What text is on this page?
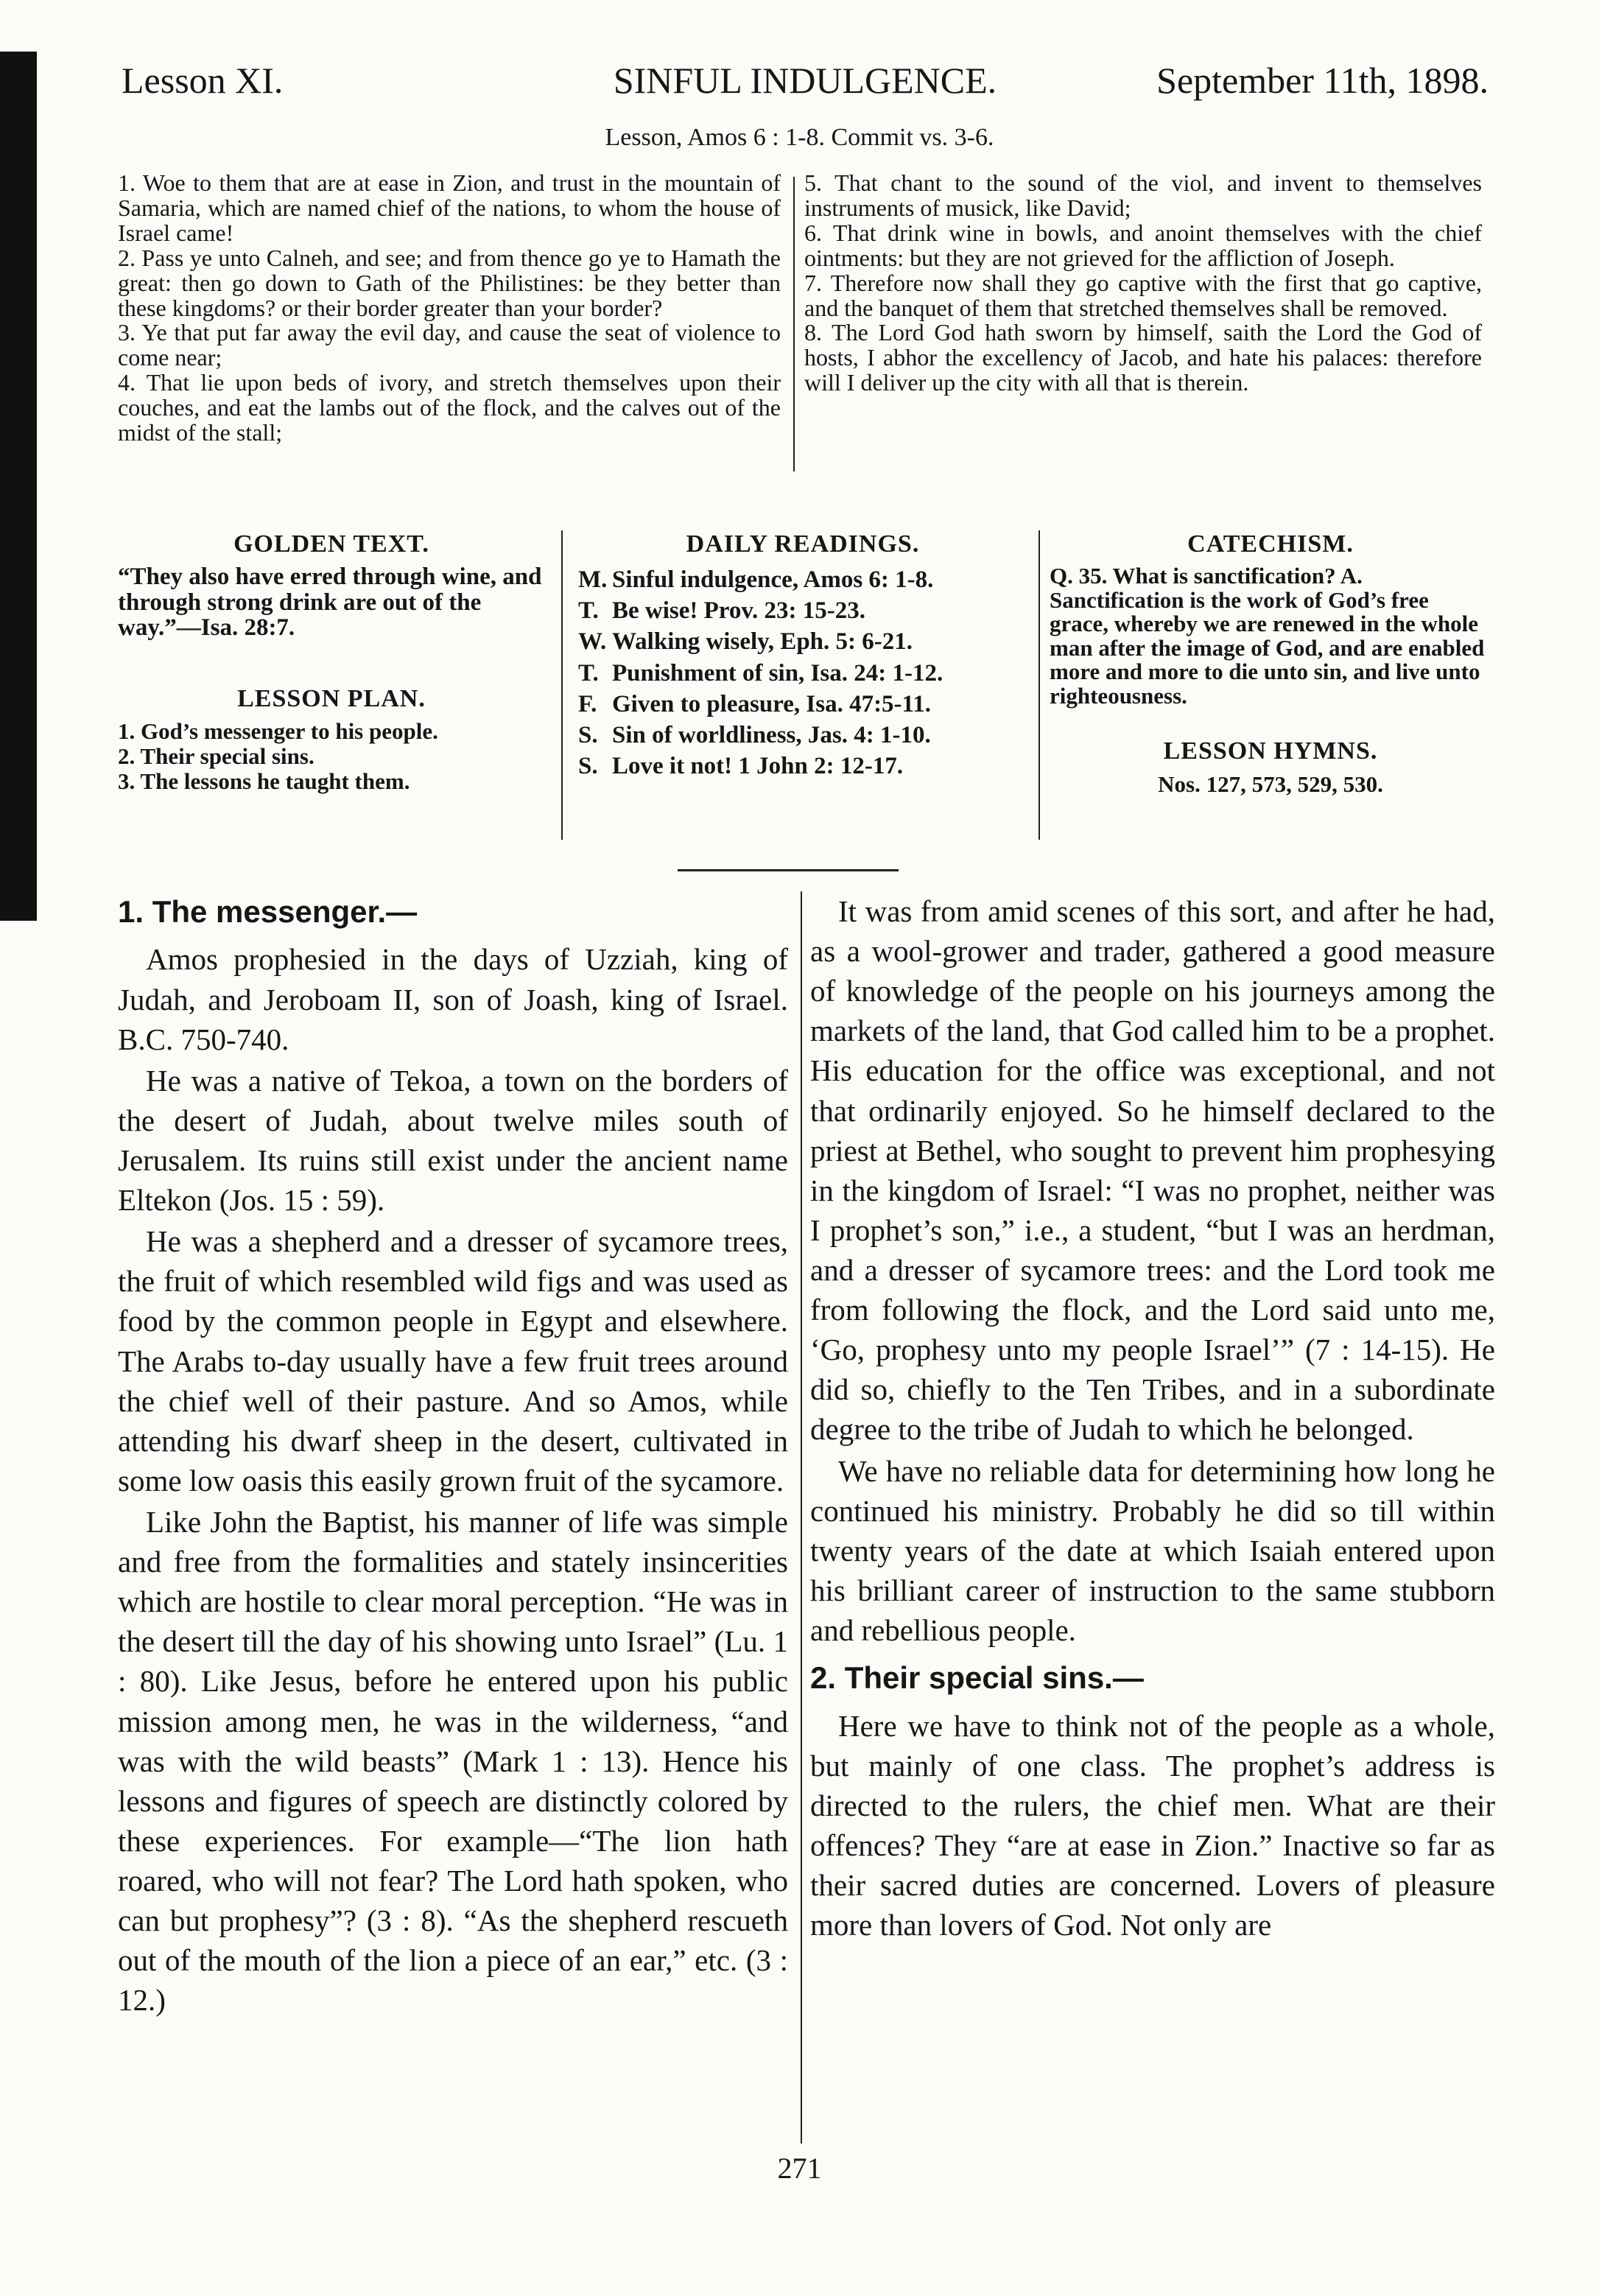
Lesson XI.	SINFUL INDULGENCE.	September 11th, 1898.
Lesson, Amos 6 : 1-8. Commit vs. 3-6.

1. Woe to them that are at ease in Zion, and trust in the mountain of Samaria, which are named chief of the nations, to whom the house of Israel came!

2. Pass ye unto Calneh, and see; and from thence go ye to Hamath the great: then go down to Gath of the Philistines: be they better than these kingdoms? or their border greater than your border?

3. Ye that put far away the evil day, and cause the seat of violence to come near;

4. That lie upon beds of ivory, and stretch themselves upon their couches, and eat the lambs out of the flock, and the calves out of the midst of the stall;

5. That chant to the sound of the viol, and invent to themselves instruments of musick, like David;

6. That drink wine in bowls, and anoint themselves with the chief ointments: but they are not grieved for the affliction of Joseph.

7. Therefore now shall they go captive with the first that go captive, and the banquet of them that stretched themselves shall be removed.

8. The Lord God hath sworn by himself, saith the Lord the God of hosts, I abhor the excellency of Jacob, and hate his palaces: therefore will I deliver up the city with all that is therein.

GOLDEN TEXT.

“They also have erred through wine, and through strong drink are out of the way.”—Isa. 28:7.

LESSON PLAN.
1. God’s messenger to his people.
2. Their special sins.
3. The lessons he taught them.
DAILY READINGS.
M. Sinful indulgence, Amos 6: 1-8.
T. Be wise! Prov. 23: 15-23.
W. Walking wisely, Eph. 5: 6-21.
T. Punishment of sin, Isa. 24: 1-12.
F. Given to pleasure, Isa. 47:5-11.
S. Sin of worldliness, Jas. 4: 1-10.
S. Love it not! 1 John 2: 12-17.
CATECHISM.

Q. 35. What is sanctification? A. Sanctification is the work of God’s free grace, whereby we are renewed in the whole man after the image of God, and are enabled more and more to die unto sin, and live unto righteousness.

LESSON HYMNS.
Nos. 127, 573, 529, 530.
1. The messenger.—

Amos prophesied in the days of Uzziah, king of Judah, and Jeroboam II, son of Joash, king of Israel. B.C. 750-740.

He was a native of Tekoa, a town on the borders of the desert of Judah, about twelve miles south of Jerusalem. Its ruins still exist under the ancient name Eltekon (Jos. 15 : 59).

He was a shepherd and a dresser of sycamore trees, the fruit of which resembled wild figs and was used as food by the common people in Egypt and elsewhere. The Arabs to-day usually have a few fruit trees around the chief well of their pasture. And so Amos, while attending his dwarf sheep in the desert, cultivated in some low oasis this easily grown fruit of the sycamore.

Like John the Baptist, his manner of life was simple and free from the formalities and stately insincerities which are hostile to clear moral perception. “He was in the desert till the day of his showing unto Israel” (Lu. 1 : 80). Like Jesus, before he entered upon his public mission among men, he was in the wilderness, “and was with the wild beasts” (Mark 1 : 13). Hence his lessons and figures of speech are distinctly colored by these experiences. For example—“The lion hath roared, who will not fear? The Lord hath spoken, who can but prophesy”? (3 : 8). “As the shepherd rescueth out of the mouth of the lion a piece of an ear,” etc. (3 : 12.)

It was from amid scenes of this sort, and after he had, as a wool-grower and trader, gathered a good measure of knowledge of the people on his journeys among the markets of the land, that God called him to be a prophet. His education for the office was exceptional, and not that ordinarily enjoyed. So he himself declared to the priest at Bethel, who sought to prevent him prophesying in the kingdom of Israel: “I was no prophet, neither was I prophet’s son,” i.e., a student, “but I was an herdman, and a dresser of sycamore trees: and the Lord took me from following the flock, and the Lord said unto me, ‘Go, prophesy unto my people Israel’” (7 : 14-15). He did so, chiefly to the Ten Tribes, and in a subordinate degree to the tribe of Judah to which he belonged.

We have no reliable data for determining how long he continued his ministry. Probably he did so till within twenty years of the date at which Isaiah entered upon his brilliant career of instruction to the same stubborn and rebellious people.

2. Their special sins.—

Here we have to think not of the people as a whole, but mainly of one class. The prophet’s address is directed to the rulers, the chief men. What are their offences? They “are at ease in Zion.” Inactive so far as their sacred duties are concerned. Lovers of pleasure more than lovers of God. Not only are

271
